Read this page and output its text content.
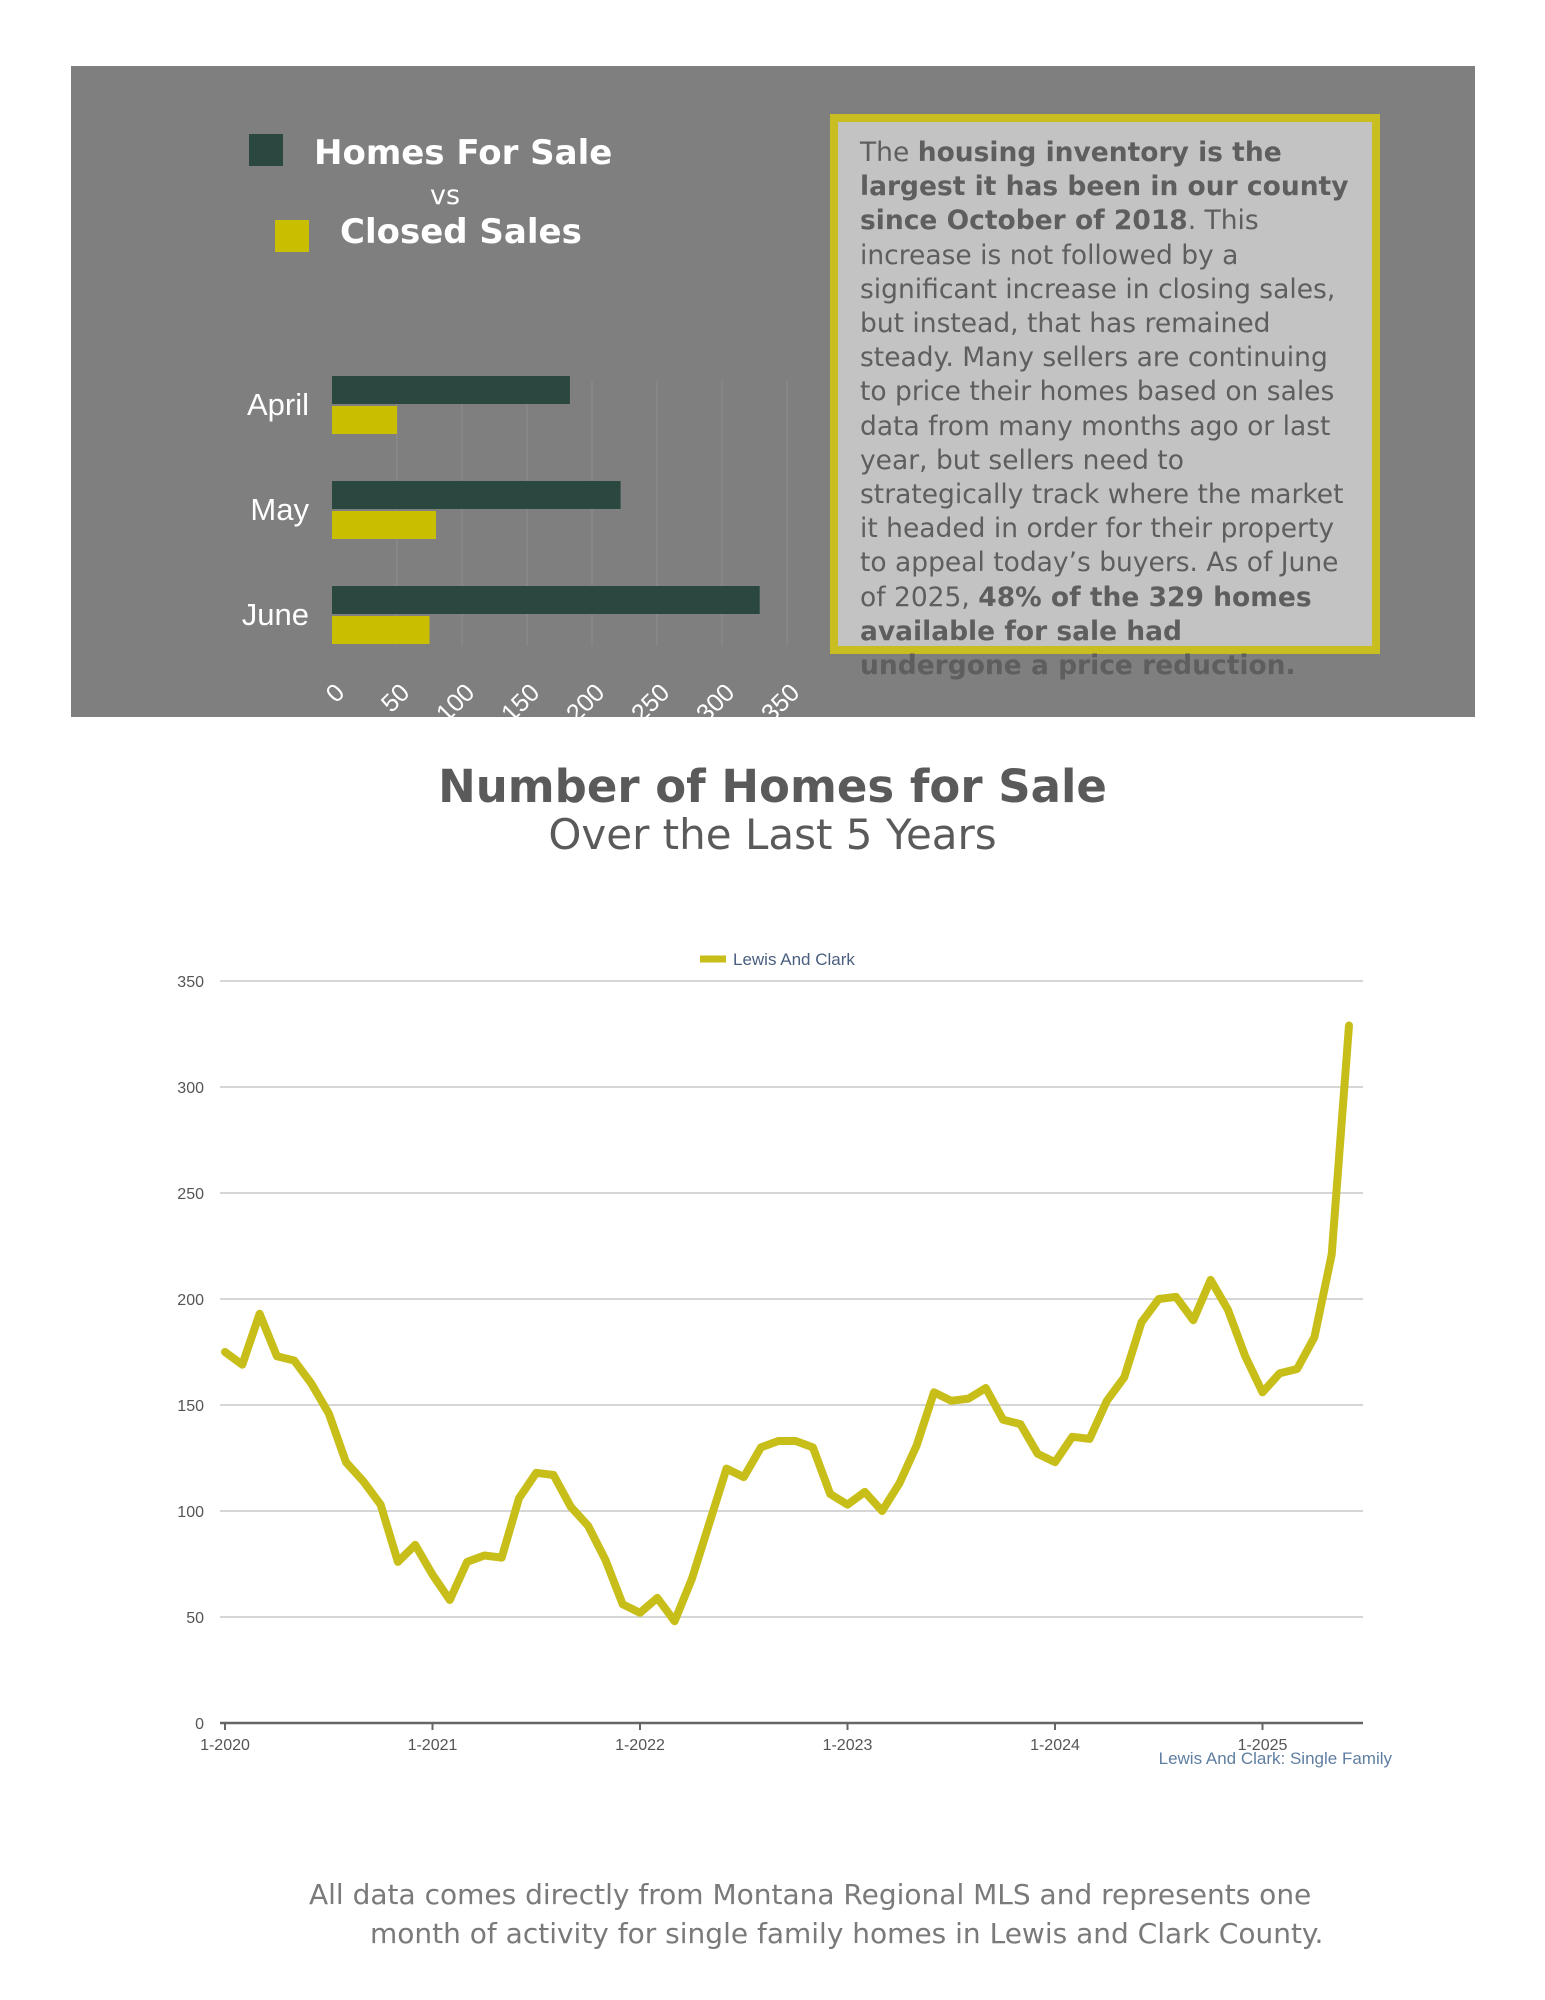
Homes For Sale
vs
Closed Sales
April
May
June
0 50 100 150 200 250 300 350
The housing inventory is the largest it has been in our county since October of 2018. This increase is not followed by a significant increase in closing sales, but instead, that has remained steady. Many sellers are continuing to price their homes based on sales data from many months ago or last year, but sellers need to strategically track where the market it headed in order for their property to appeal today’s buyers. As of June of 2025, 48% of the 329 homes available for sale had undergone a price reduction.
Number of Homes for Sale
Over the Last 5 Years
Lewis And Clark
0
50
100
150
200
250
300
350
1-2020	1-2021	1-2022	1-2023	1-2024	1-2025
Lewis And Clark: Single Family
All data comes directly from Montana Regional MLS and represents one
month of activity for single family homes in Lewis and Clark County.
